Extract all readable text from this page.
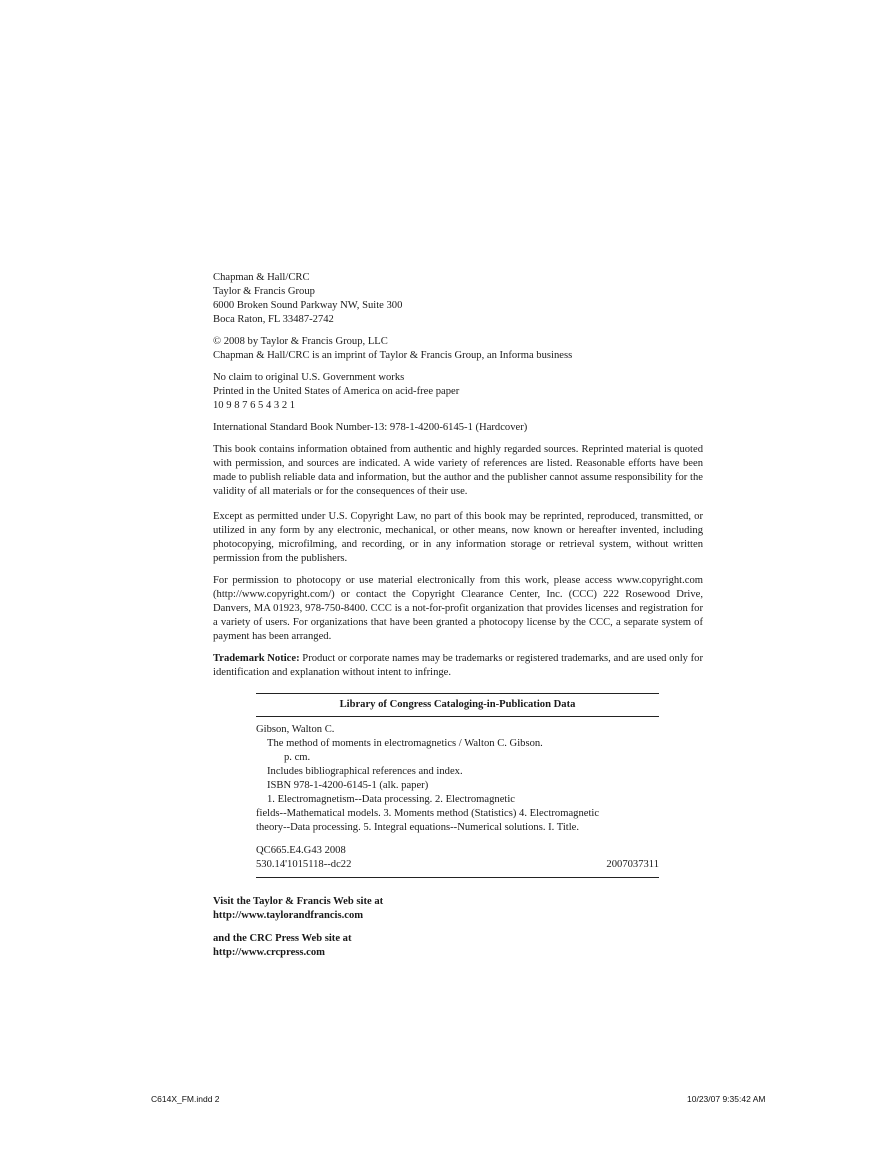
Chapman & Hall/CRC
Taylor & Francis Group
6000 Broken Sound Parkway NW, Suite 300
Boca Raton, FL 33487-2742
© 2008 by Taylor & Francis Group, LLC
Chapman & Hall/CRC is an imprint of Taylor & Francis Group, an Informa business
No claim to original U.S. Government works
Printed in the United States of America on acid-free paper
10 9 8 7 6 5 4 3 2 1
International Standard Book Number-13: 978-1-4200-6145-1 (Hardcover)

This book contains information obtained from authentic and highly regarded sources. Reprinted material is quoted with permission, and sources are indicated. A wide variety of references are listed. Reasonable efforts have been made to publish reliable data and information, but the author and the publisher cannot assume responsibility for the validity of all materials or for the consequences of their use.

Except as permitted under U.S. Copyright Law, no part of this book may be reprinted, reproduced, transmitted, or utilized in any form by any electronic, mechanical, or other means, now known or hereafter invented, including photocopying, microfilming, and recording, or in any information storage or retrieval system, without written permission from the publishers.

For permission to photocopy or use material electronically from this work, please access www.copyright.com (http://www.copyright.com/) or contact the Copyright Clearance Center, Inc. (CCC) 222 Rosewood Drive, Danvers, MA 01923, 978-750-8400. CCC is a not-for-profit organization that provides licenses and registration for a variety of users. For organizations that have been granted a photocopy license by the CCC, a separate system of payment has been arranged.

Trademark Notice: Product or corporate names may be trademarks or registered trademarks, and are used only for identification and explanation without intent to infringe.

Library of Congress Cataloging-in-Publication Data
Gibson, Walton C.
The method of moments in electromagnetics / Walton C. Gibson.
p. cm.
Includes bibliographical references and index.
ISBN 978-1-4200-6145-1 (alk. paper)
1. Electromagnetism--Data processing. 2. Electromagnetic
fields--Mathematical models. 3. Moments method (Statistics) 4. Electromagnetic
theory--Data processing. 5. Integral equations--Numerical solutions. I. Title.
QC665.E4.G43 2008
530.14'1015118--dc22	2007037311
Visit the Taylor & Francis Web site at
http://www.taylorandfrancis.com
and the CRC Press Web site at
http://www.crcpress.com
C614X_FM.indd 2	10/23/07 9:35:42 AM
